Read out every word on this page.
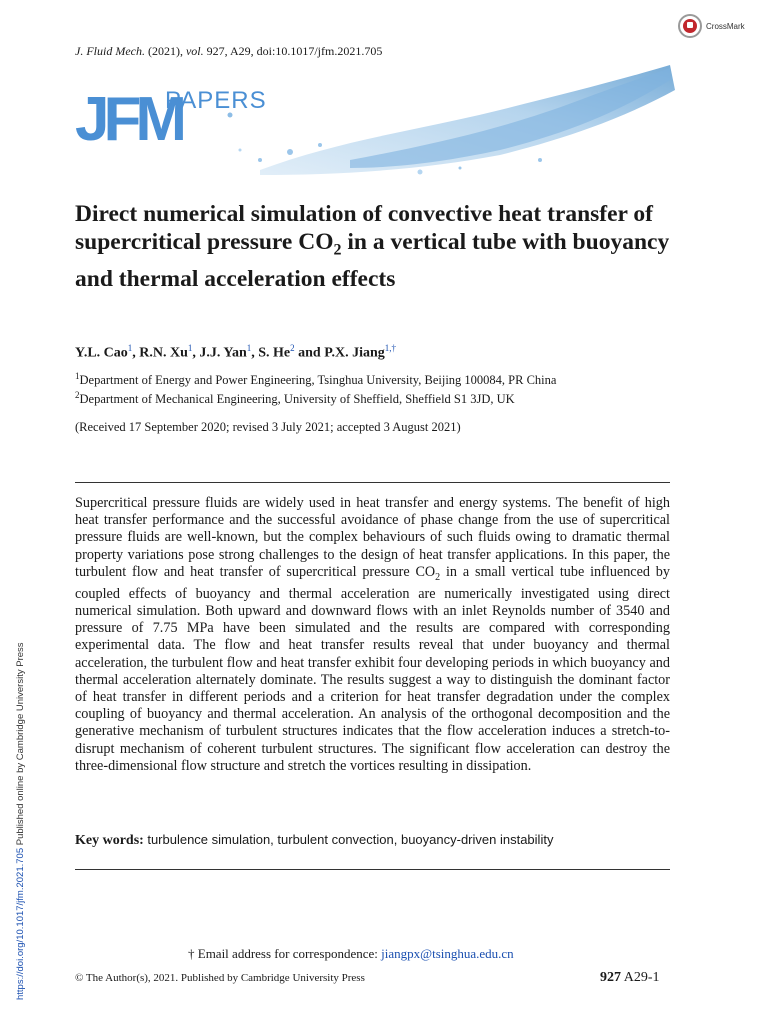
J. Fluid Mech. (2021), vol. 927, A29, doi:10.1017/jfm.2021.705
CrossMark
JFM
PAPERS
Direct numerical simulation of convective heat transfer of supercritical pressure $CO_2$ in a vertical tube with buoyancy and thermal acceleration effects
Y.L. Cao$^1$, R.N. Xu$^1$, J.J. Yan$^1$, S. He$^2$ and P.X. Jiang$^{1,\dagger}$
$^1$Department of Energy and Power Engineering, Tsinghua University, Beijing 100084, PR China
$^2$Department of Mechanical Engineering, University of Sheffield, Sheffield S1 3JD, UK
(Received 17 September 2020; revised 3 July 2021; accepted 3 August 2021)
Supercritical pressure fluids are widely used in heat transfer and energy systems. The benefit of high heat transfer performance and the successful avoidance of phase change from the use of supercritical pressure fluids are well-known, but the complex behaviours of such fluids owing to dramatic thermal property variations pose strong challenges to the design of heat transfer applications. In this paper, the turbulent flow and heat transfer of supercritical pressure $CO_2$ in a small vertical tube influenced by coupled effects of buoyancy and thermal acceleration are numerically investigated using direct numerical simulation. Both upward and downward flows with an inlet Reynolds number of 3540 and pressure of 7.75 MPa have been simulated and the results are compared with corresponding experimental data. The flow and heat transfer results reveal that under buoyancy and thermal acceleration, the turbulent flow and heat transfer exhibit four developing periods in which buoyancy and thermal acceleration alternately dominate. The results suggest a way to distinguish the dominant factor of heat transfer in different periods and a criterion for heat transfer degradation under the complex coupling of buoyancy and thermal acceleration. An analysis of the orthogonal decomposition and the generative mechanism of turbulent structures indicates that the flow acceleration induces a stretch-to-disrupt mechanism of coherent turbulent structures. The significant flow acceleration can destroy the three-dimensional flow structure and stretch the vortices resulting in dissipation.
Key words: turbulence simulation, turbulent convection, buoyancy-driven instability
† Email address for correspondence: jiangpx@tsinghua.edu.cn
© The Author(s), 2021. Published by Cambridge University Press	927 A29-1
https://doi.org/10.1017/jfm.2021.705 Published online by Cambridge University Press
